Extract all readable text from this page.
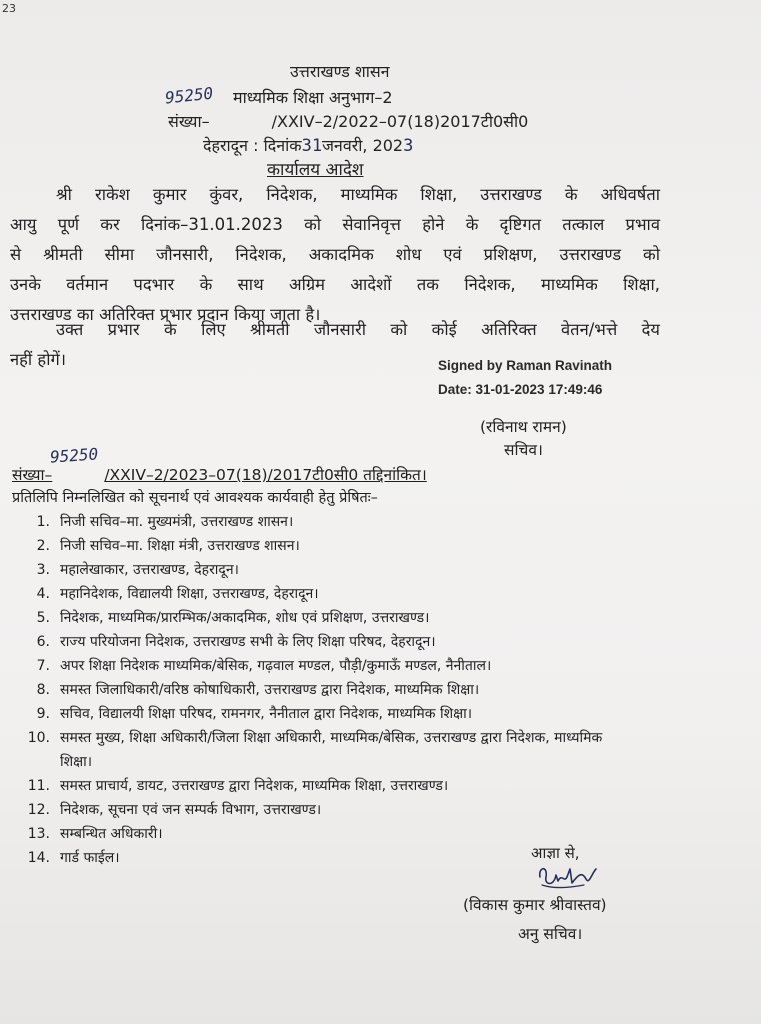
23
उत्तराखण्ड शासन
95250 माध्यमिक शिक्षा अनुभाग–2
संख्या–	/XXIV–2/2022–07(18)2017टी0सी0
देहरादून : दिनांक31जनवरी, 2023
कार्यालय आदेश
श्री राकेश कुमार कुंवर, निदेशक, माध्यमिक शिक्षा, उत्तराखण्ड के अधिवर्षता
आयु पूर्ण कर दिनांक–31.01.2023 को सेवानिवृत्त होने के दृष्टिगत तत्काल प्रभाव
से श्रीमती सीमा जौनसारी, निदेशक, अकादमिक शोध एवं प्रशिक्षण, उत्तराखण्ड को
उनके वर्तमान पदभार के साथ अग्रिम आदेशों तक निदेशक, माध्यमिक शिक्षा,
उत्तराखण्ड का अतिरिक्त प्रभार प्रदान किया जाता है।
उक्त प्रभार के लिए श्रीमती जौनसारी को कोई अतिरिक्त वेतन/भत्ते देय
नहीं होगें।	Signed by Raman Ravinath
Date: 31-01-2023 17:49:46
(रविनाथ रामन)
सचिव।
95250
संख्या–	/XXIV–2/2023–07(18)/2017टी0सी0 तद्दिनांकित।
प्रतिलिपि निम्नलिखित को सूचनार्थ एवं आवश्यक कार्यवाही हेतु प्रेषितः–
1. निजी सचिव–मा. मुख्यमंत्री, उत्तराखण्ड शासन।
2. निजी सचिव–मा. शिक्षा मंत्री, उत्तराखण्ड शासन।
3. महालेखाकार, उत्तराखण्ड, देहरादून।
4. महानिदेशक, विद्यालयी शिक्षा, उत्तराखण्ड, देहरादून।
5. निदेशक, माध्यमिक/प्रारम्भिक/अकादमिक, शोध एवं प्रशिक्षण, उत्तराखण्ड।
6. राज्य परियोजना निदेशक, उत्तराखण्ड सभी के लिए शिक्षा परिषद, देहरादून।
7. अपर शिक्षा निदेशक माध्यमिक/बेसिक, गढ़वाल मण्डल, पौड़ी/कुमाऊँ मण्डल, नैनीताल।
8. समस्त जिलाधिकारी/वरिष्ठ कोषाधिकारी, उत्तराखण्ड द्वारा निदेशक, माध्यमिक शिक्षा।
9. सचिव, विद्यालयी शिक्षा परिषद, रामनगर, नैनीताल द्वारा निदेशक, माध्यमिक शिक्षा।
10. समस्त मुख्य, शिक्षा अधिकारी/जिला शिक्षा अधिकारी, माध्यमिक/बेसिक, उत्तराखण्ड द्वारा निदेशक, माध्यमिक शिक्षा।
11. समस्त प्राचार्य, डायट, उत्तराखण्ड द्वारा निदेशक, माध्यमिक शिक्षा, उत्तराखण्ड।
12. निदेशक, सूचना एवं जन सम्पर्क विभाग, उत्तराखण्ड।
13. सम्बन्धित अधिकारी।
14. गार्ड फाईल।	आज्ञा से,
(विकास कुमार श्रीवास्तव)
अनु सचिव।
